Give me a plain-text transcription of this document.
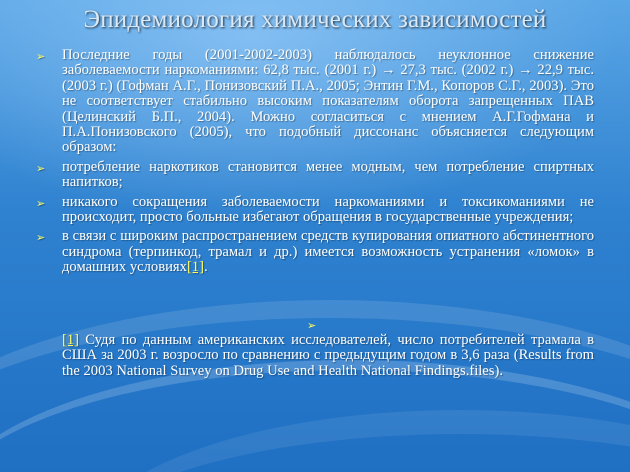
Эпидемиология химических зависимостей
➢ Последние годы (2001-2002-2003) наблюдалось неуклонное снижение заболеваемости наркоманиями: 62,8 тыс. (2001 г.) → 27,3 тыс. (2002 г.) → 22,9 тыс. (2003 г.) (Гофман А.Г., Понизовский П.А., 2005; Энтин Г.М., Копоров С.Г., 2003). Это не соответствует стабильно высоким показателям оборота запрещенных ПАВ (Целинский Б.П., 2004). Можно согласиться с мнением А.Г.Гофмана и П.А.Понизовского (2005), что подобный диссонанс объясняется следующим образом:
➢ потребление наркотиков становится менее модным, чем потребление спиртных напитков;
➢ никакого сокращения заболеваемости наркоманиями и токсикоманиями не происходит, просто больные избегают обращения в государственные учреждения;
➢ в связи с широким распространением средств купирования опиатного абстинентного синдрома (терпинкод, трамал и др.) имеется возможность устранения «ломок» в домашних условиях[1].
➢

[1] Судя по данным американских исследователей, число потребителей трамала в США за 2003 г. возросло по сравнению с предыдущим годом в 3,6 раза (Results from the 2003 National Survey on Drug Use and Health National Findings.files).
